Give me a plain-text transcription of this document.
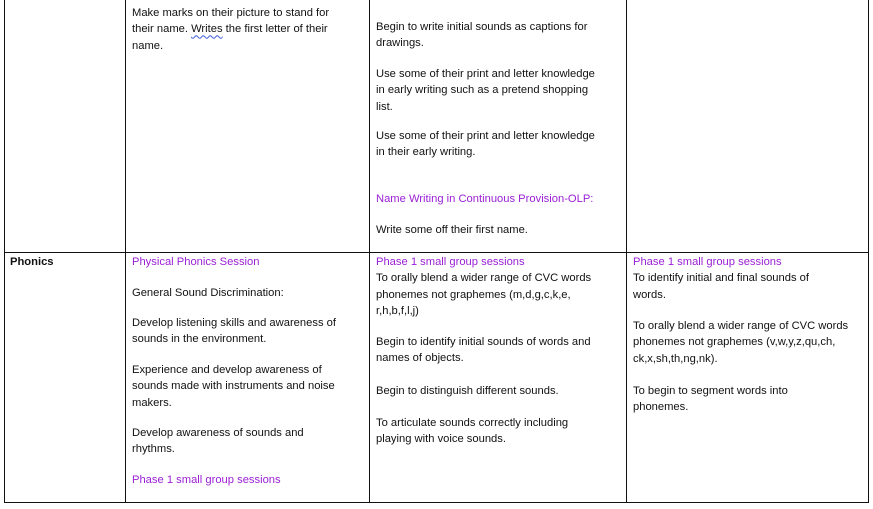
Make marks on their picture to stand for

their name. Writes the first letter of their

name.

Begin to write initial sounds as captions for

drawings.

Use some of their print and letter knowledge

in early writing such as a pretend shopping

list.

Use some of their print and letter knowledge

in their early writing.

Name Writing in Continuous Provision-OLP:

Write some off their first name.

Phonics	Physical Phonics Session

General Sound Discrimination:

Develop listening skills and awareness of

sounds in the environment.

Experience and develop awareness of

sounds made with instruments and noise

makers.

Develop awareness of sounds and

rhythms.

Phase 1 small group sessions

Phase 1 small group sessions

To orally blend a wider range of CVC words

phonemes not graphemes (m,d,g,c,k,e,

r,h,b,f,l,j)

Begin to identify initial sounds of words and

names of objects.

Begin to distinguish different sounds.

To articulate sounds correctly including

playing with voice sounds.

Phase 1 small group sessions

To identify initial and final sounds of

words.

To orally blend a wider range of CVC words

phonemes not graphemes (v,w,y,z,qu,ch,

ck,x,sh,th,ng,nk).

To begin to segment words into

phonemes.
